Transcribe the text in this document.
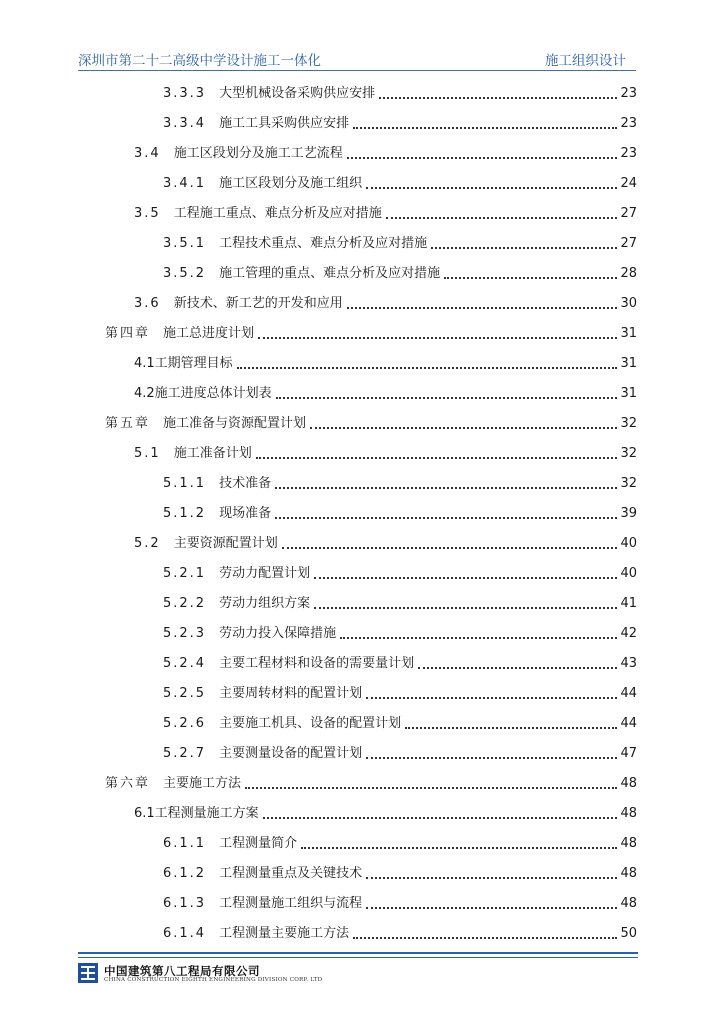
深圳市第二十二高级中学设计施工一体化	施工组织设计
3.3.3  大型机械设备采购供应安排	23
3.3.4  施工工具采购供应安排	23
3.4  施工区段划分及施工工艺流程	23
3.4.1  施工区段划分及施工组织	24
3.5  工程施工重点、难点分析及应对措施	27
3.5.1  工程技术重点、难点分析及应对措施	27
3.5.2  施工管理的重点、难点分析及应对措施	28
3.6  新技术、新工艺的开发和应用	30
第四章  施工总进度计划	31
4.1工期管理目标	31
4.2施工进度总体计划表	31
第五章  施工准备与资源配置计划	32
5.1  施工准备计划	32
5.1.1  技术准备	32
5.1.2  现场准备	39
5.2  主要资源配置计划	40
5.2.1  劳动力配置计划	40
5.2.2  劳动力组织方案	41
5.2.3  劳动力投入保障措施	42
5.2.4  主要工程材料和设备的需要量计划	43
5.2.5  主要周转材料的配置计划	44
5.2.6  主要施工机具、设备的配置计划	44
5.2.7  主要测量设备的配置计划	47
第六章  主要施工方法	48
6.1工程测量施工方案	48
6.1.1  工程测量简介	48
6.1.2  工程测量重点及关键技术	48
6.1.3  工程测量施工组织与流程	48
6.1.4  工程测量主要施工方法	50
中国建筑第八工程局有限公司
CHINA CONSTRUCTION EIGHTH ENGINEERING DIVISION CORP. LTD
